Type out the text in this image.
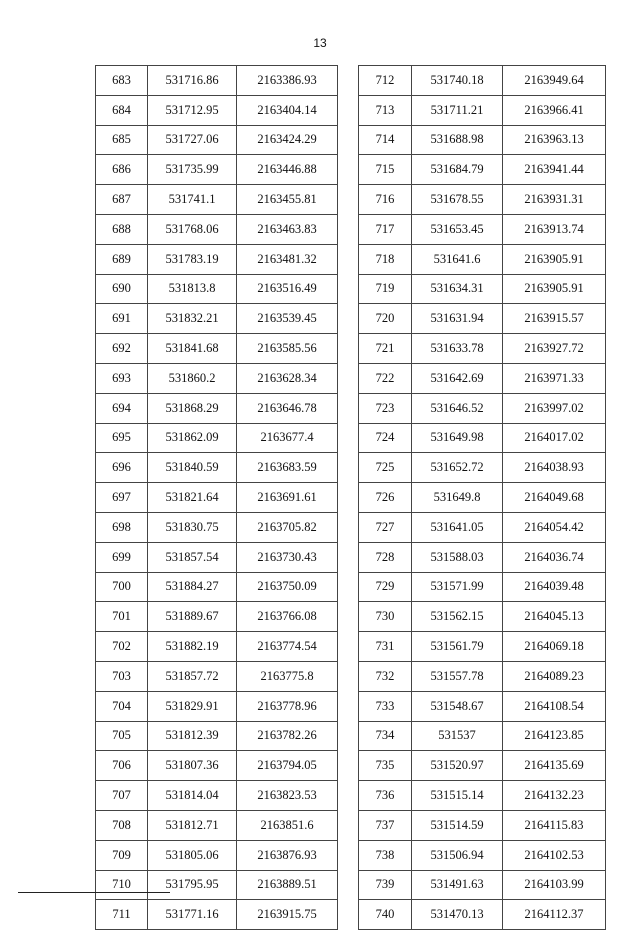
13
683	531716.86	2163386.93
684	531712.95	2163404.14
685	531727.06	2163424.29
686	531735.99	2163446.88
687	531741.1	2163455.81
688	531768.06	2163463.83
689	531783.19	2163481.32
690	531813.8	2163516.49
691	531832.21	2163539.45
692	531841.68	2163585.56
693	531860.2	2163628.34
694	531868.29	2163646.78
695	531862.09	2163677.4
696	531840.59	2163683.59
697	531821.64	2163691.61
698	531830.75	2163705.82
699	531857.54	2163730.43
700	531884.27	2163750.09
701	531889.67	2163766.08
702	531882.19	2163774.54
703	531857.72	2163775.8
704	531829.91	2163778.96
705	531812.39	2163782.26
706	531807.36	2163794.05
707	531814.04	2163823.53
708	531812.71	2163851.6
709	531805.06	2163876.93
710	531795.95	2163889.51
711	531771.16	2163915.75
712	531740.18	2163949.64
713	531711.21	2163966.41
714	531688.98	2163963.13
715	531684.79	2163941.44
716	531678.55	2163931.31
717	531653.45	2163913.74
718	531641.6	2163905.91
719	531634.31	2163905.91
720	531631.94	2163915.57
721	531633.78	2163927.72
722	531642.69	2163971.33
723	531646.52	2163997.02
724	531649.98	2164017.02
725	531652.72	2164038.93
726	531649.8	2164049.68
727	531641.05	2164054.42
728	531588.03	2164036.74
729	531571.99	2164039.48
730	531562.15	2164045.13
731	531561.79	2164069.18
732	531557.78	2164089.23
733	531548.67	2164108.54
734	531537	2164123.85
735	531520.97	2164135.69
736	531515.14	2164132.23
737	531514.59	2164115.83
738	531506.94	2164102.53
739	531491.63	2164103.99
740	531470.13	2164112.37
